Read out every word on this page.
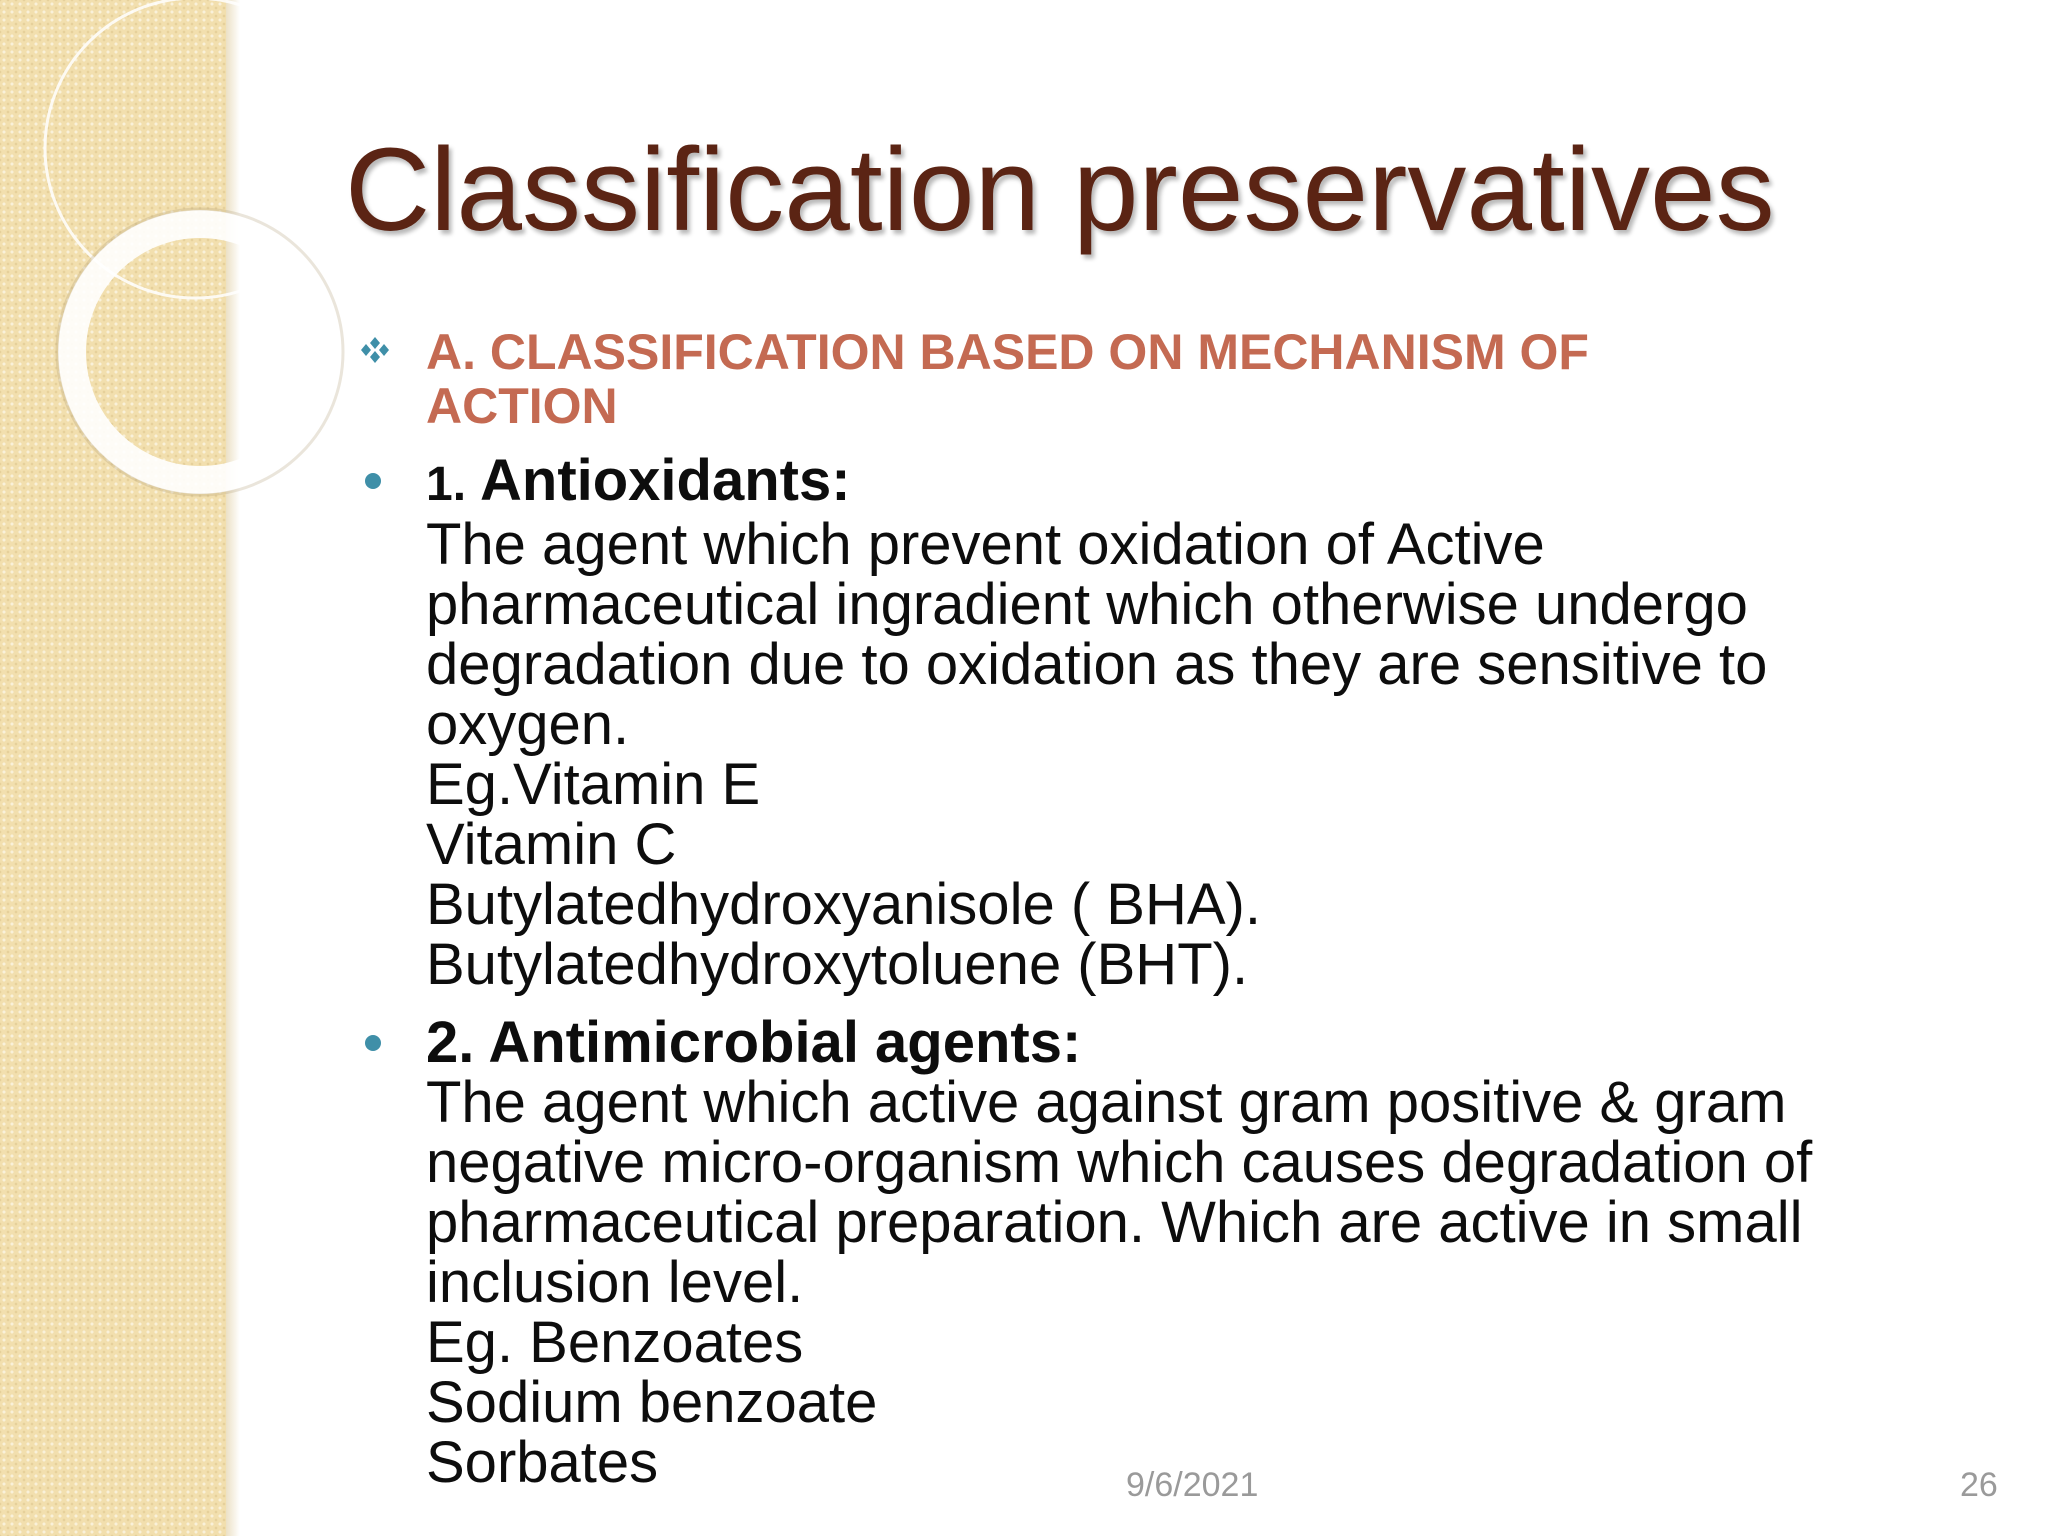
Classification preservatives
A. CLASSIFICATION BASED ON MECHANISM OF
ACTION
1. Antioxidants:
The agent which prevent oxidation of Active
pharmaceutical ingradient which otherwise undergo
degradation due to oxidation as they are sensitive to
oxygen.
Eg.Vitamin E
Vitamin C
Butylatedhydroxyanisole ( BHA).
Butylatedhydroxytoluene (BHT).
2. Antimicrobial agents:
The agent which active against gram positive & gram
negative micro-organism which causes degradation of
pharmaceutical preparation. Which are active in small
inclusion level.
Eg. Benzoates
Sodium benzoate
Sorbates	9/6/2021	26
